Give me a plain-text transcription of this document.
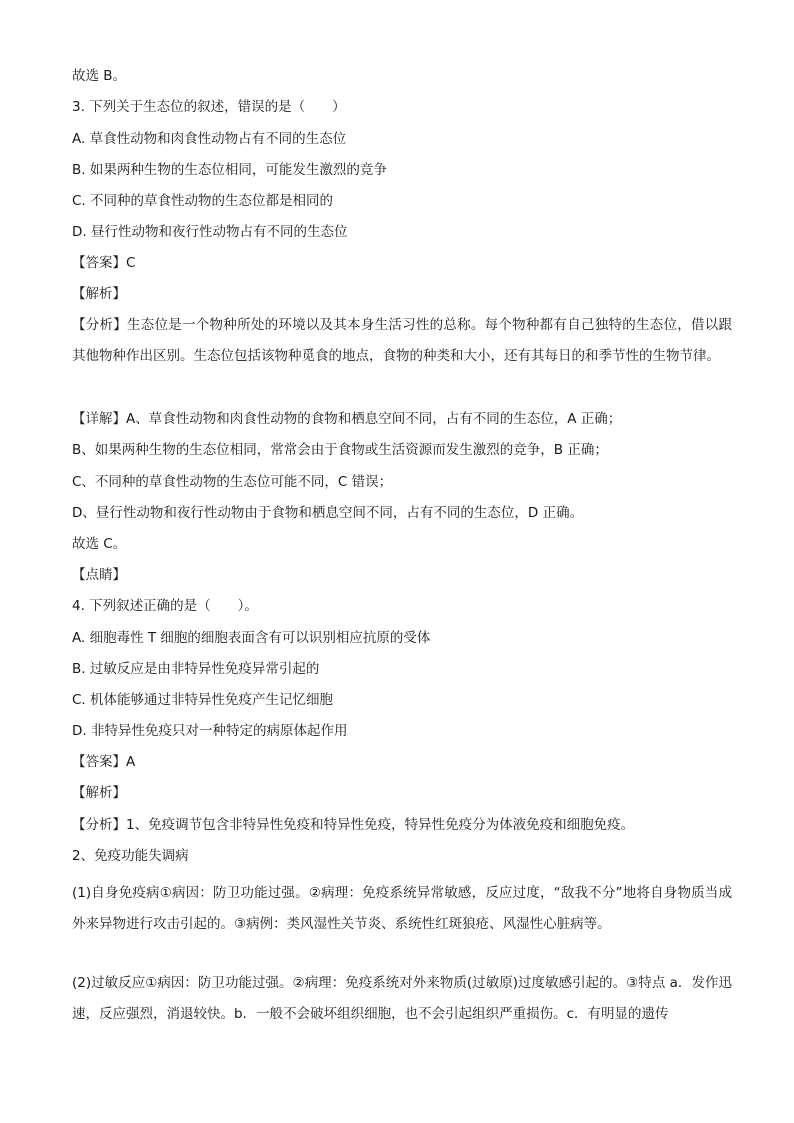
故选 B。
3. 下列关于生态位的叙述，错误的是（　　）
A. 草食性动物和肉食性动物占有不同的生态位
B. 如果两种生物的生态位相同，可能发生激烈的竞争
C. 不同种的草食性动物的生态位都是相同的
D. 昼行性动物和夜行性动物占有不同的生态位
【答案】C
【解析】
【分析】生态位是一个物种所处的环境以及其本身生活习性的总称。每个物种都有自己独特的生态位，借以跟其他物种作出区别。生态位包括该物种觅食的地点，食物的种类和大小，还有其每日的和季节性的生物节律。
【详解】A、草食性动物和肉食性动物的食物和栖息空间不同，占有不同的生态位，A 正确；
B、如果两种生物的生态位相同，常常会由于食物或生活资源而发生激烈的竞争，B 正确；
C、不同种的草食性动物的生态位可能不同，C 错误；
D、昼行性动物和夜行性动物由于食物和栖息空间不同，占有不同的生态位，D 正确。
故选 C。
【点睛】
4. 下列叙述正确的是（　　）。
A. 细胞毒性 T 细胞的细胞表面含有可以识别相应抗原的受体
B. 过敏反应是由非特异性免疫异常引起的
C. 机体能够通过非特异性免疫产生记忆细胞
D. 非特异性免疫只对一种特定的病原体起作用
【答案】A
【解析】
【分析】1、免疫调节包含非特异性免疫和特异性免疫，特异性免疫分为体液免疫和细胞免疫。
2、免疫功能失调病
(1)自身免疫病①病因：防卫功能过强。②病理：免疫系统异常敏感，反应过度，“敌我不分”地将自身物质当成外来异物进行攻击引起的。③病例：类风湿性关节炎、系统性红斑狼疮、风湿性心脏病等。
(2)过敏反应①病因：防卫功能过强。②病理：免疫系统对外来物质(过敏原)过度敏感引起的。③特点 a．发作迅速，反应强烈，消退较快。b．一般不会破坏组织细胞，也不会引起组织严重损伤。c．有明显的遗传
